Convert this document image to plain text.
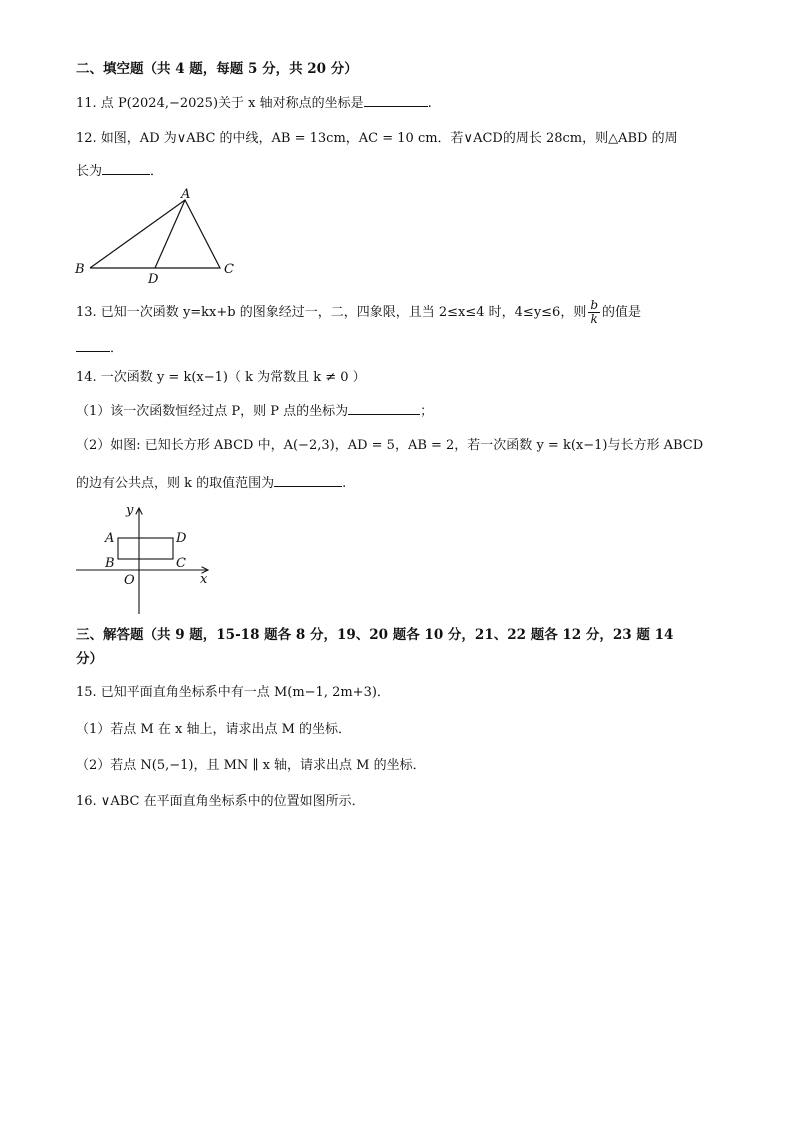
二、填空题（共 4 题，每题 5 分，共 20 分）
11. 点 P(2024,−2025)关于 x 轴对称点的坐标是	.
12. 如图，AD 为∨ABC 的中线，AB = 13cm，AC = 10 cm．若∨ACD的周长 28cm，则△ABD 的周
长为	．
A
B	C
D
13. 已知一次函数 y=kx+b 的图象经过一，二，四象限，且当 2≤x≤4 时，4≤y≤6，则 $\frac{b}{k}$ 的值是
．
14. 一次函数 y = k(x−1)（ k 为常数且 k ≠ 0 ）
（1）该一次函数恒经过点 P，则 P 点的坐标为	；
（2）如图: 已知长方形 ABCD 中，A(−2,3)，AD = 5，AB = 2，若一次函数 y = k(x−1)与长方形 ABCD
的边有公共点，则 k 的取值范围为	.
y
x
O
A
B	C
D
三、解答题（共 9 题，15-18 题各 8 分，19、20 题各 10 分，21、22 题各 12 分，23 题 14
分）
15. 已知平面直角坐标系中有一点 M(m−1, 2m+3)．
（1）若点 M 在 x 轴上，请求出点 M 的坐标．
（2）若点 N(5,−1)，且 MN ∥ x 轴，请求出点 M 的坐标．
16. ∨ABC 在平面直角坐标系中的位置如图所示．
